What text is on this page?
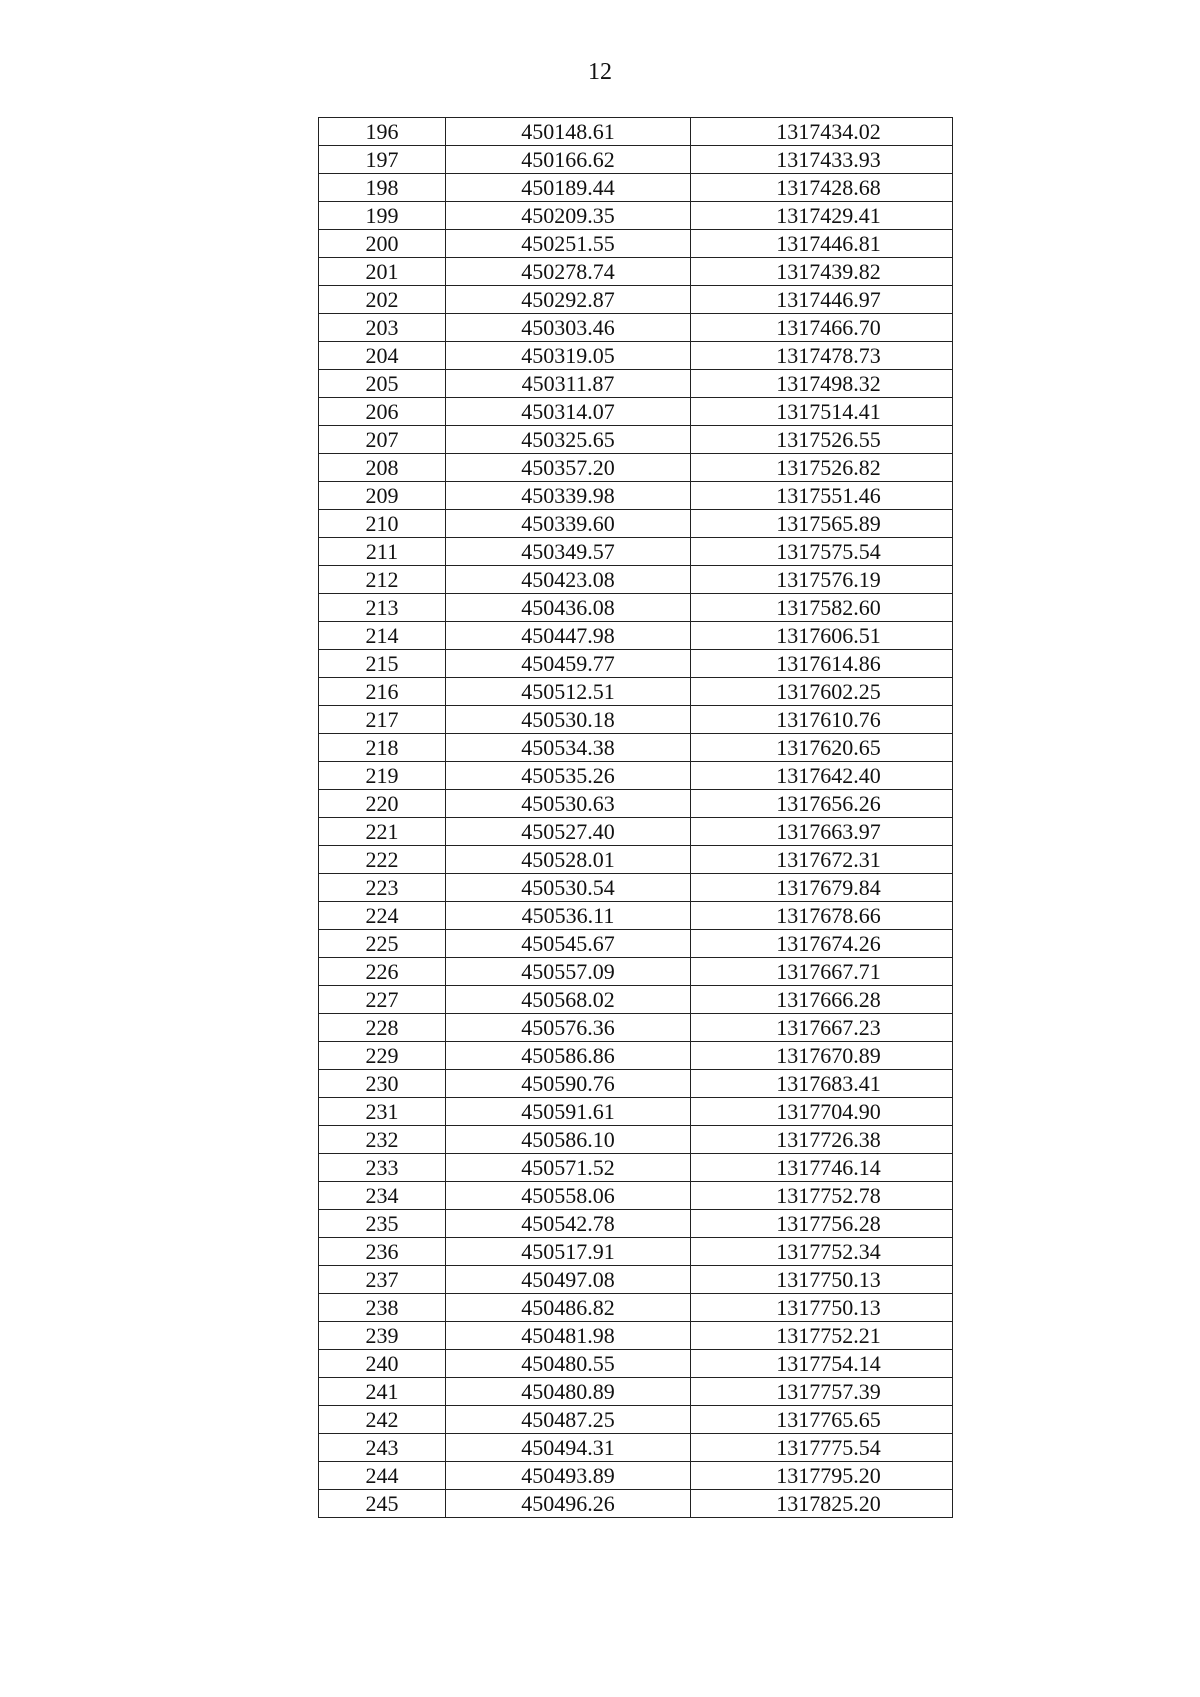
12
196	450148.61	1317434.02
197	450166.62	1317433.93
198	450189.44	1317428.68
199	450209.35	1317429.41
200	450251.55	1317446.81
201	450278.74	1317439.82
202	450292.87	1317446.97
203	450303.46	1317466.70
204	450319.05	1317478.73
205	450311.87	1317498.32
206	450314.07	1317514.41
207	450325.65	1317526.55
208	450357.20	1317526.82
209	450339.98	1317551.46
210	450339.60	1317565.89
211	450349.57	1317575.54
212	450423.08	1317576.19
213	450436.08	1317582.60
214	450447.98	1317606.51
215	450459.77	1317614.86
216	450512.51	1317602.25
217	450530.18	1317610.76
218	450534.38	1317620.65
219	450535.26	1317642.40
220	450530.63	1317656.26
221	450527.40	1317663.97
222	450528.01	1317672.31
223	450530.54	1317679.84
224	450536.11	1317678.66
225	450545.67	1317674.26
226	450557.09	1317667.71
227	450568.02	1317666.28
228	450576.36	1317667.23
229	450586.86	1317670.89
230	450590.76	1317683.41
231	450591.61	1317704.90
232	450586.10	1317726.38
233	450571.52	1317746.14
234	450558.06	1317752.78
235	450542.78	1317756.28
236	450517.91	1317752.34
237	450497.08	1317750.13
238	450486.82	1317750.13
239	450481.98	1317752.21
240	450480.55	1317754.14
241	450480.89	1317757.39
242	450487.25	1317765.65
243	450494.31	1317775.54
244	450493.89	1317795.20
245	450496.26	1317825.20
